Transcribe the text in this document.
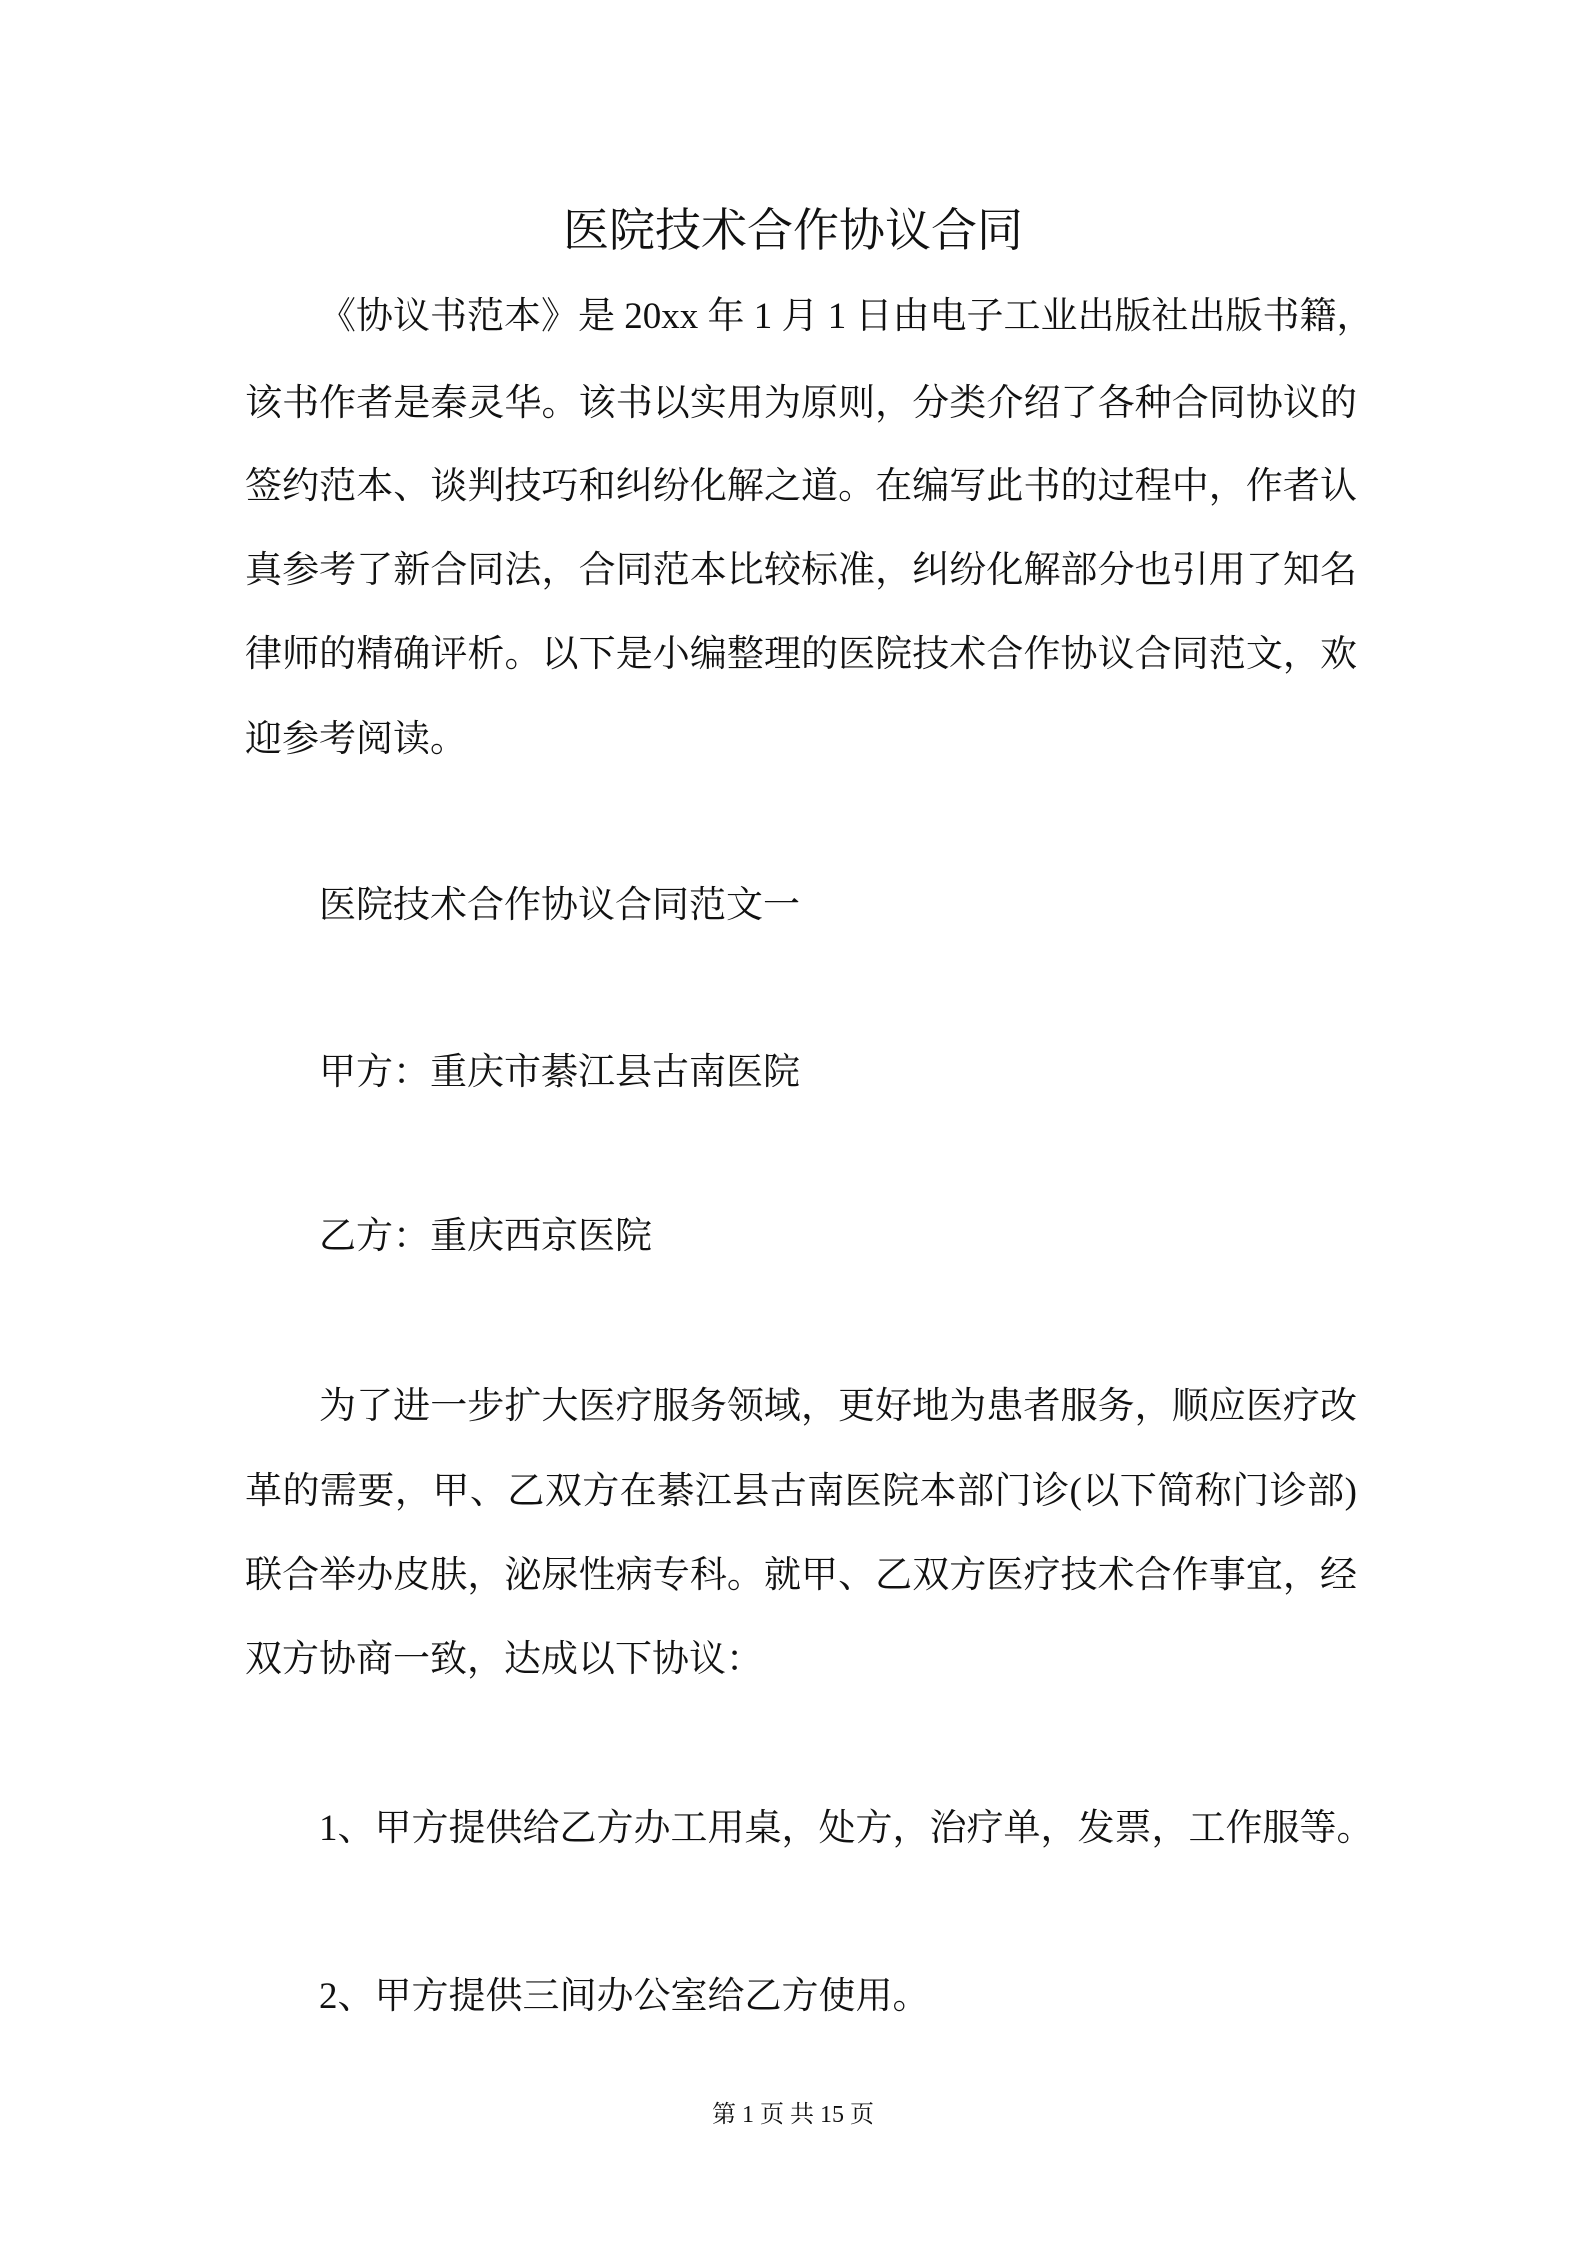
医院技术合作协议合同
《协议书范本》是 20xx 年 1 月 1 日由电子工业出版社出版书籍，
该书作者是秦灵华。该书以实用为原则，分类介绍了各种合同协议的
签约范本、谈判技巧和纠纷化解之道。在编写此书的过程中，作者认
真参考了新合同法，合同范本比较标准，纠纷化解部分也引用了知名
律师的精确评析。以下是小编整理的医院技术合作协议合同范文，欢
迎参考阅读。
医院技术合作协议合同范文一
甲方：重庆市綦江县古南医院
乙方：重庆西京医院
为了进一步扩大医疗服务领域，更好地为患者服务，顺应医疗改
革的需要，甲、乙双方在綦江县古南医院本部门诊(以下简称门诊部)
联合举办皮肤，泌尿性病专科。就甲、乙双方医疗技术合作事宜，经
双方协商一致，达成以下协议：
1、甲方提供给乙方办工用桌，处方，治疗单，发票，工作服等。
2、甲方提供三间办公室给乙方使用。
第 1 页 共 15 页
